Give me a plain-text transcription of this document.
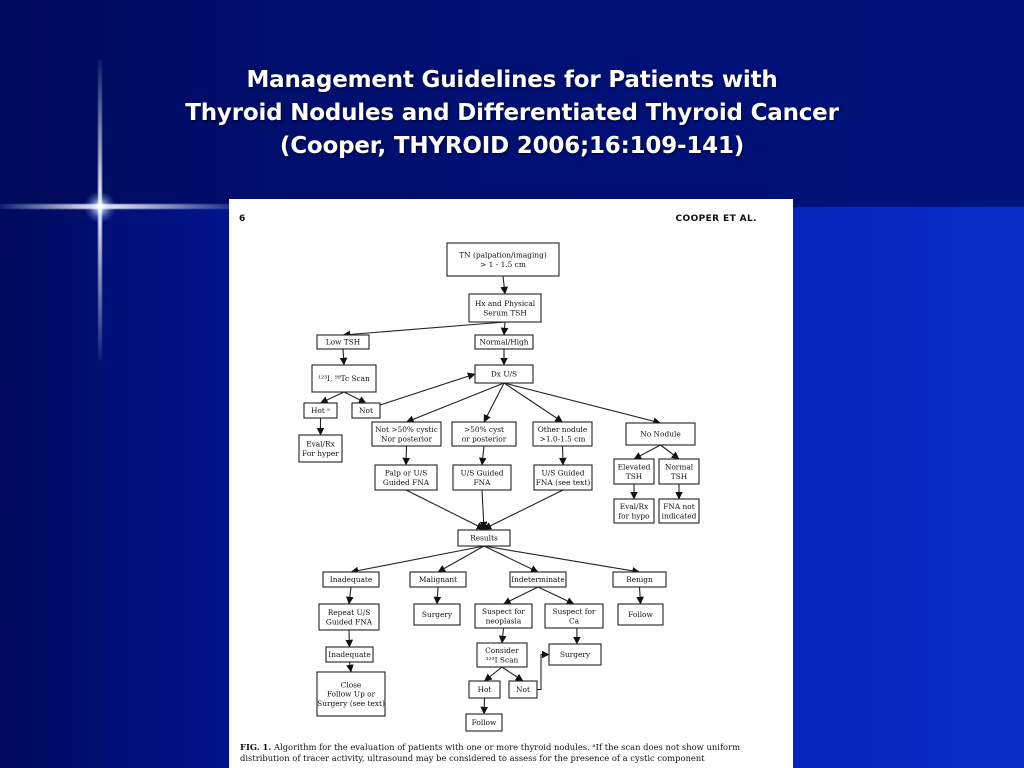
Management Guidelines for Patients with
Thyroid Nodules and Differentiated Thyroid Cancer
(Cooper, THYROID 2006;16:109-141)
6	COOPER ET AL.
TN (palpation/imaging)
> 1 - 1.5 cm
Hx and Physical
Serum TSH
Low TSH	Normal/High
¹²³I, ⁹⁹Tc Scan	Dx U/S
Hot ᵃ	Not
Eval/Rx
For hyper
Not >50% cystic
Nor posterior
>50% cyst
or posterior
Other nodule
>1.0-1.5 cm
No Nodule
Palp or U/S
Guided FNA
U/S Guided
FNA
U/S Guided
FNA (see text)
Elevated
TSH
Normal
TSH
Eval/Rx
for hypo
FNA not
indicated
Results
Inadequate	Malignant	Indeterminate	Benign
Repeat U/S
Guided FNA
Surgery	Suspect for
neoplasia
Suspect for
Ca
Follow
Inadequate	Consider
¹²³I Scan
Surgery
Close
Follow Up or
Surgery (see text)
Hot	Not
Follow
FIG. 1. Algorithm for the evaluation of patients with one or more thyroid nodules. ᵃIf the scan does not show uniform distribution of tracer activity, ultrasound may be considered to assess for the presence of a cystic component
